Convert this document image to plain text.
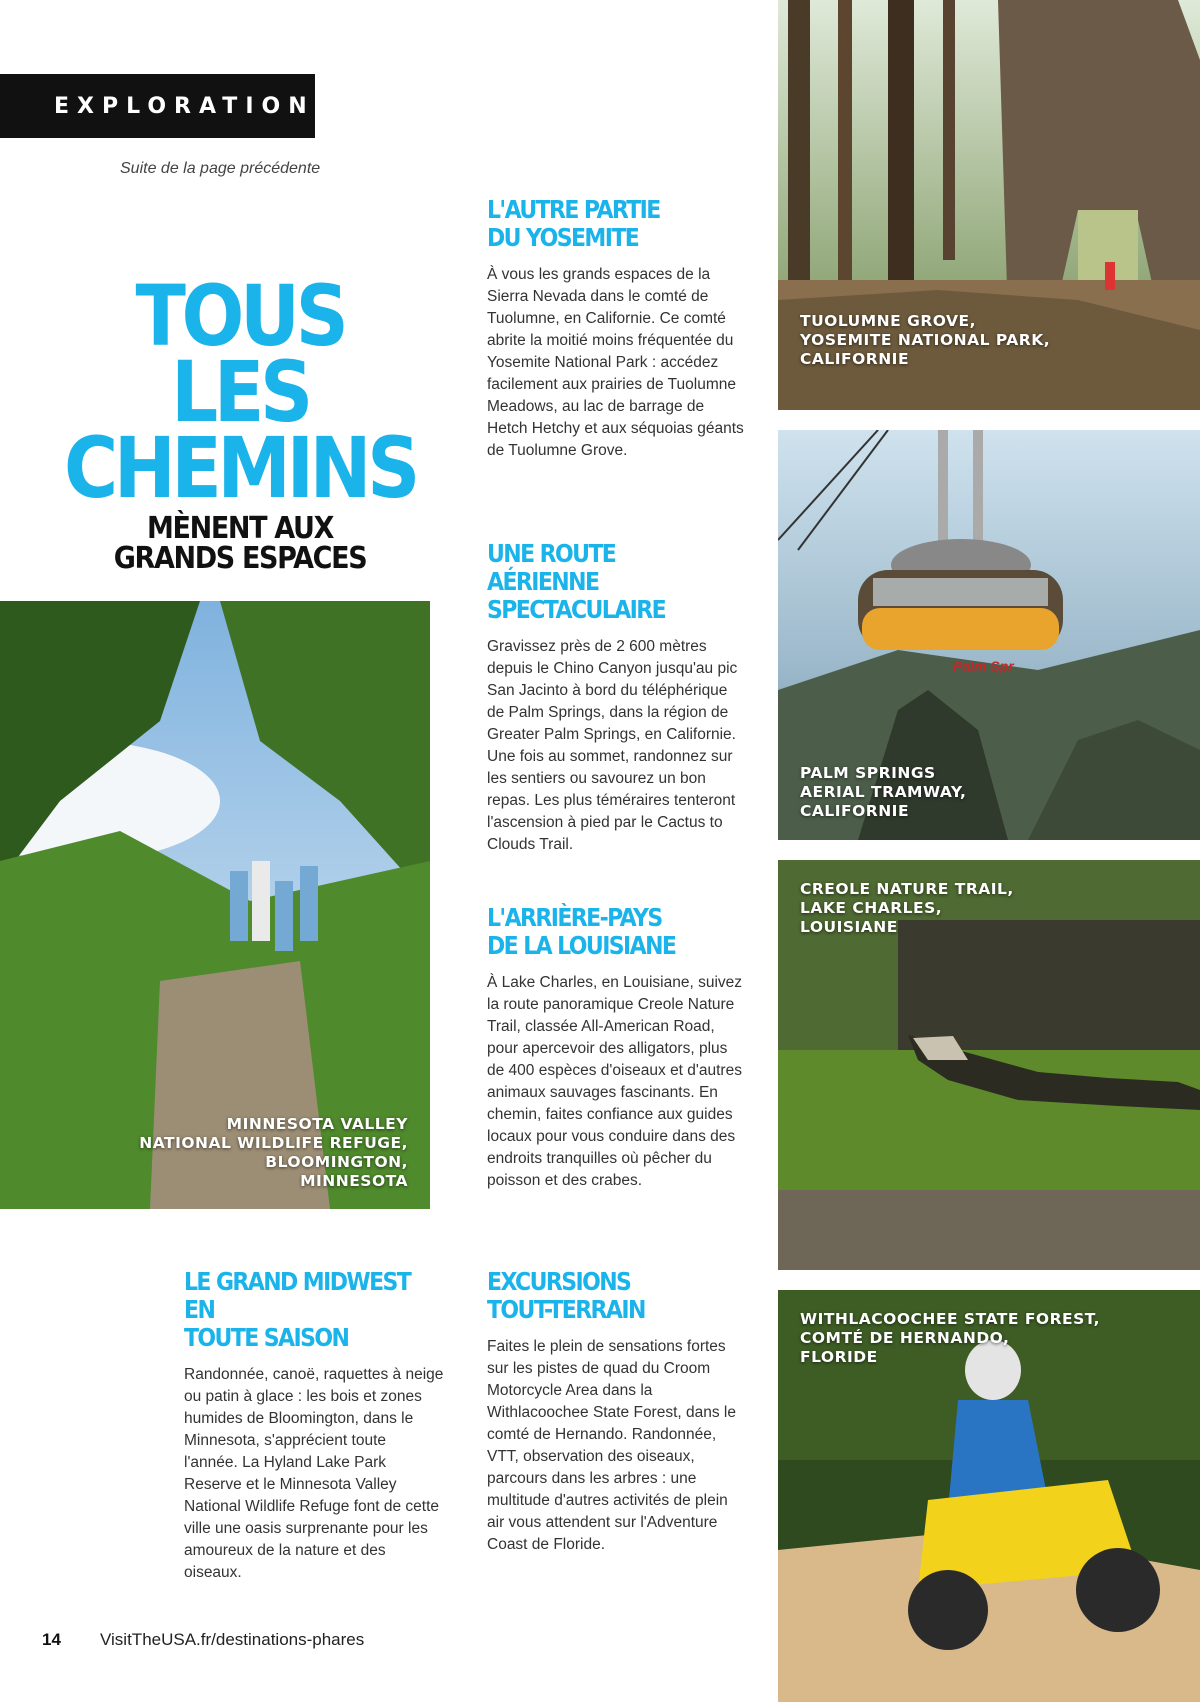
EXPLORATION
Suite de la page précédente
TOUS LES
CHEMINS
MÈNENT AUX
GRANDS ESPACES
L'AUTRE PARTIE
DU YOSEMITE

À vous les grands espaces de la Sierra Nevada dans le comté de Tuolumne, en Californie. Ce comté abrite la moitié moins fréquentée du Yosemite National Park : accédez facilement aux prairies de Tuolumne Meadows, au lac de barrage de Hetch Hetchy et aux séquoias géants de Tuolumne Grove.

UNE ROUTE AÉRIENNE
SPECTACULAIRE

Gravissez près de 2 600 mètres depuis le Chino Canyon jusqu'au pic San Jacinto à bord du téléphérique de Palm Springs, dans la région de Greater Palm Springs, en Californie. Une fois au sommet, randonnez sur les sentiers ou savourez un bon repas. Les plus téméraires tenteront l'ascension à pied par le Cactus to Clouds Trail.

L'ARRIÈRE-PAYS
DE LA LOUISIANE

À Lake Charles, en Louisiane, suivez la route panoramique Creole Nature Trail, classée All-American Road, pour apercevoir des alligators, plus de 400 espèces d'oiseaux et d'autres animaux sauvages fascinants. En chemin, faites confiance aux guides locaux pour vous conduire dans des endroits tranquilles où pêcher du poisson et des crabes.

LE GRAND MIDWEST EN
TOUTE SAISON

Randonnée, canoë, raquettes à neige ou patin à glace : les bois et zones humides de Bloomington, dans le Minnesota, s'apprécient toute l'année. La Hyland Lake Park Reserve et le Minnesota Valley National Wildlife Refuge font de cette ville une oasis surprenante pour les amoureux de la nature et des oiseaux.

EXCURSIONS
TOUT-TERRAIN

Faites le plein de sensations fortes sur les pistes de quad du Croom Motorcycle Area dans la Withlacoochee State Forest, dans le comté de Hernando. Randonnée, VTT, observation des oiseaux, parcours dans les arbres : une multitude d'autres activités de plein air vous attendent sur l'Adventure Coast de Floride.

TUOLUMNE GROVE,
YOSEMITE NATIONAL PARK,
CALIFORNIE
PALM SPRINGS
AERIAL TRAMWAY,
CALIFORNIE
Palm Spr
CREOLE NATURE TRAIL,
LAKE CHARLES,
LOUISIANE
WITHLACOOCHEE STATE FOREST,
COMTÉ DE HERNANDO,
FLORIDE
MINNESOTA VALLEY
NATIONAL WILDLIFE REFUGE,
BLOOMINGTON,
MINNESOTA
14 VisitTheUSA.fr/destinations-phares
